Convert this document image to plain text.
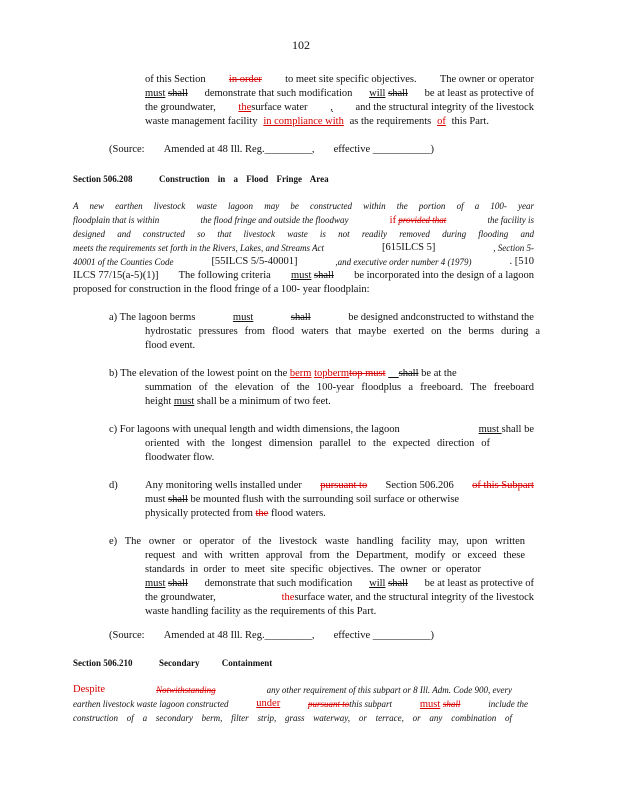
102
of this Section in order to meet site specific objectives. The owner or operator
must shall demonstrate that such modification will shall be at least as protective of
the groundwater, thesurface water , and the structural integrity of the livestock
waste management facility in compliance with as the requirements of this Part.
(Source: Amended at 48 Ill. Reg._________, effective ___________)
Section 506.208	Construction in a Flood Fringe Area
A new earthen livestock waste lagoon may be constructed within the portion of a 100- year
floodplain that is within	the flood fringe and outside the floodway	if provided that	the facility is
designed and constructed so that livestock waste is not readily removed during flooding and
meets the requirements set forth in the Rivers, Lakes, and Streams Act	[615ILCS 5]	, Section 5-
40001 of the Counties Code	[55ILCS 5/5-40001]	,and executive order number 4 (1979)	. [510
ILCS 77/15(a-5)(1)] The following criteria must shall be incorporated into the design of a lagoon
proposed for construction in the flood fringe of a 100- year floodplain:
a) The lagoon berms	must	shall	be designed andconstructed to withstand the
hydrostatic pressures from flood waters that maybe exerted on the berms during a
flood event.
b) The elevation of the lowest point on the berm topbermtop must shall be at the
summation of the elevation of the 100-year floodplus a freeboard. The freeboard
height must shall be a minimum of two feet.
c) For lagoons with unequal length and width dimensions, the lagoon	must shall be
oriented with the longest dimension parallel to the expected direction of
floodwater flow.
d)	Any monitoring wells installed under pursuant to Section 506.206 of this Subpart
must shall be mounted flush with the surrounding soil surface or otherwise
physically protected from the flood waters.
e) The owner or operator of the livestock waste handling facility may, upon written
request and with written approval from the Department, modify or exceed these
standards in order to meet site specific objectives. The owner or operator
must shall demonstrate that such modification will shall be at least as protective of
the groundwater,	thesurface water, and the structural integrity of the livestock
waste handling facility as the requirements of this Part.
(Source: Amended at 48 Ill. Reg._________, effective ___________)
Section 506.210	Secondary Containment
Despite	Notwithstanding	any other requirement of this subpart or 8 Ill. Adm. Code 900, every
earthen livestock waste lagoon constructed	under	pursuant tothis subpart	must shall	include the
construction of a secondary berm, filter strip, grass waterway, or terrace, or any combination of
